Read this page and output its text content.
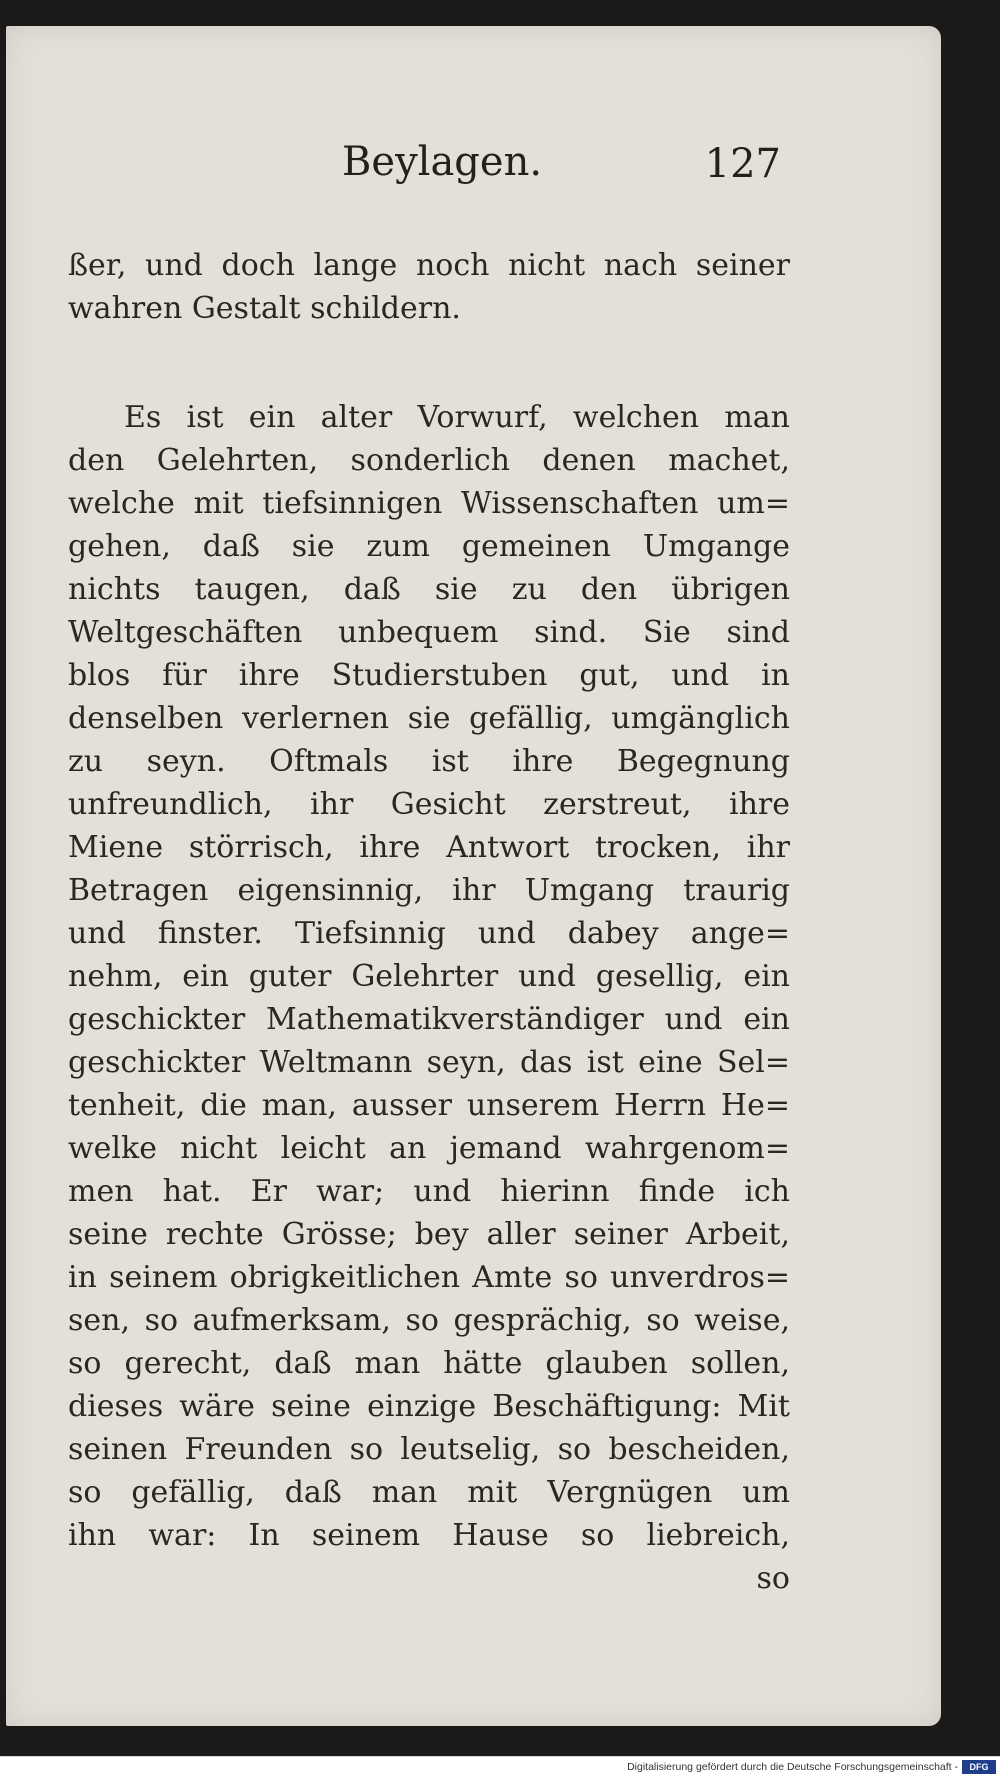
Beylagen.	127
ßer, und doch lange noch nicht nach seiner
wahren Gestalt schildern.
Es ist ein alter Vorwurf, welchen man
den Gelehrten, sonderlich denen machet,
welche mit tiefsinnigen Wissenschaften um=
gehen, daß sie zum gemeinen Umgange
nichts taugen, daß sie zu den übrigen
Weltgeschäften unbequem sind. Sie sind
blos für ihre Studierstuben gut, und in
denselben verlernen sie gefällig, umgänglich
zu seyn. Oftmals ist ihre Begegnung
unfreundlich, ihr Gesicht zerstreut, ihre
Miene störrisch, ihre Antwort trocken, ihr
Betragen eigensinnig, ihr Umgang traurig
und finster. Tiefsinnig und dabey ange=
nehm, ein guter Gelehrter und gesellig, ein
geschickter Mathematikverständiger und ein
geschickter Weltmann seyn, das ist eine Sel=
tenheit, die man, ausser unserem Herrn He=
welke nicht leicht an jemand wahrgenom=
men hat. Er war; und hierinn finde ich
seine rechte Grösse; bey aller seiner Arbeit,
in seinem obrigkeitlichen Amte so unverdros=
sen, so aufmerksam, so gesprächig, so weise,
so gerecht, daß man hätte glauben sollen,
dieses wäre seine einzige Beschäftigung: Mit
seinen Freunden so leutselig, so bescheiden,
so gefällig, daß man mit Vergnügen um
ihn war: In seinem Hause so liebreich,
so
Digitalisierung gefördert durch die Deutsche Forschungsgemeinschaft -	DFG
